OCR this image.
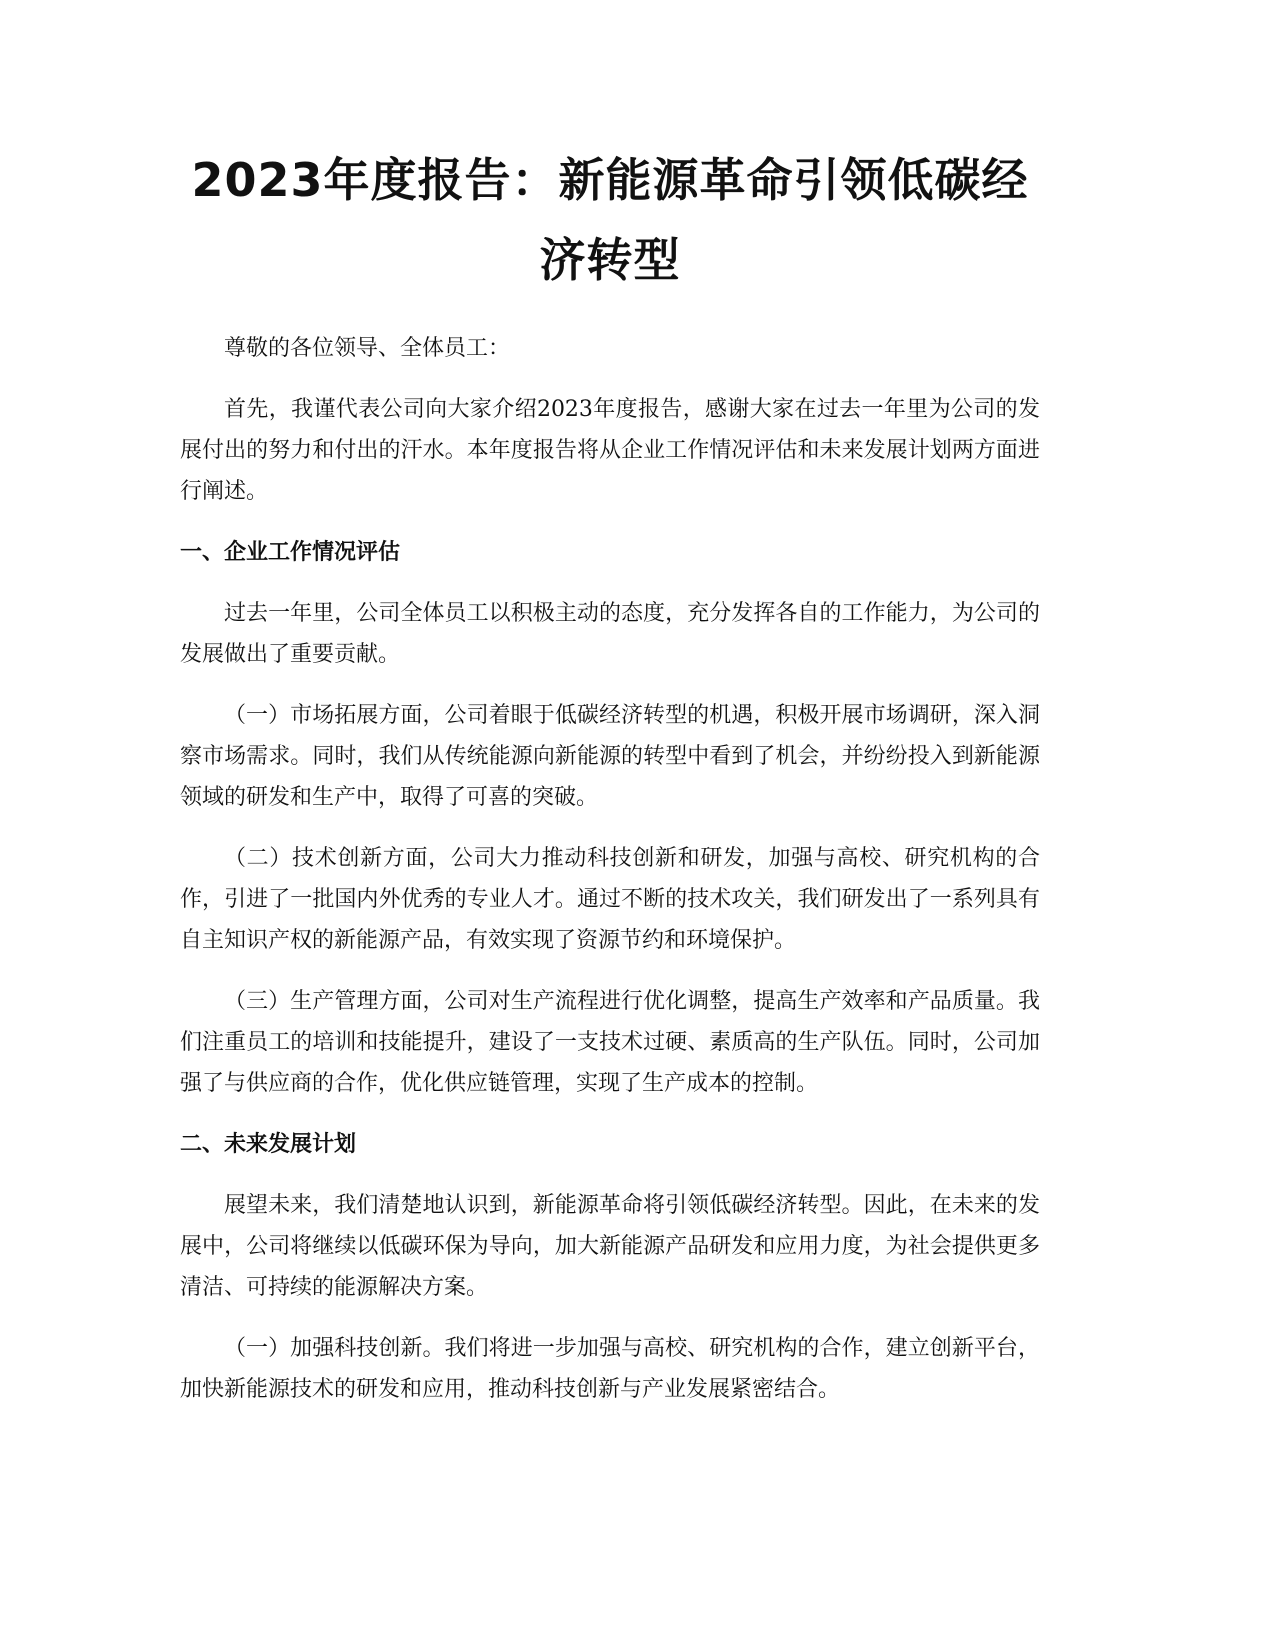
2023年度报告：新能源革命引领低碳经济转型

尊敬的各位领导、全体员工：

首先，我谨代表公司向大家介绍2023年度报告，感谢大家在过去一年里为公司的发展付出的努力和付出的汗水。本年度报告将从企业工作情况评估和未来发展计划两方面进行阐述。

一、企业工作情况评估

过去一年里，公司全体员工以积极主动的态度，充分发挥各自的工作能力，为公司的发展做出了重要贡献。

（一）市场拓展方面，公司着眼于低碳经济转型的机遇，积极开展市场调研，深入洞察市场需求。同时，我们从传统能源向新能源的转型中看到了机会，并纷纷投入到新能源领域的研发和生产中，取得了可喜的突破。

（二）技术创新方面，公司大力推动科技创新和研发，加强与高校、研究机构的合作，引进了一批国内外优秀的专业人才。通过不断的技术攻关，我们研发出了一系列具有自主知识产权的新能源产品，有效实现了资源节约和环境保护。

（三）生产管理方面，公司对生产流程进行优化调整，提高生产效率和产品质量。我们注重员工的培训和技能提升，建设了一支技术过硬、素质高的生产队伍。同时，公司加强了与供应商的合作，优化供应链管理，实现了生产成本的控制。

二、未来发展计划

展望未来，我们清楚地认识到，新能源革命将引领低碳经济转型。因此，在未来的发展中，公司将继续以低碳环保为导向，加大新能源产品研发和应用力度，为社会提供更多清洁、可持续的能源解决方案。

（一）加强科技创新。我们将进一步加强与高校、研究机构的合作，建立创新平台，加快新能源技术的研发和应用，推动科技创新与产业发展紧密结合。
